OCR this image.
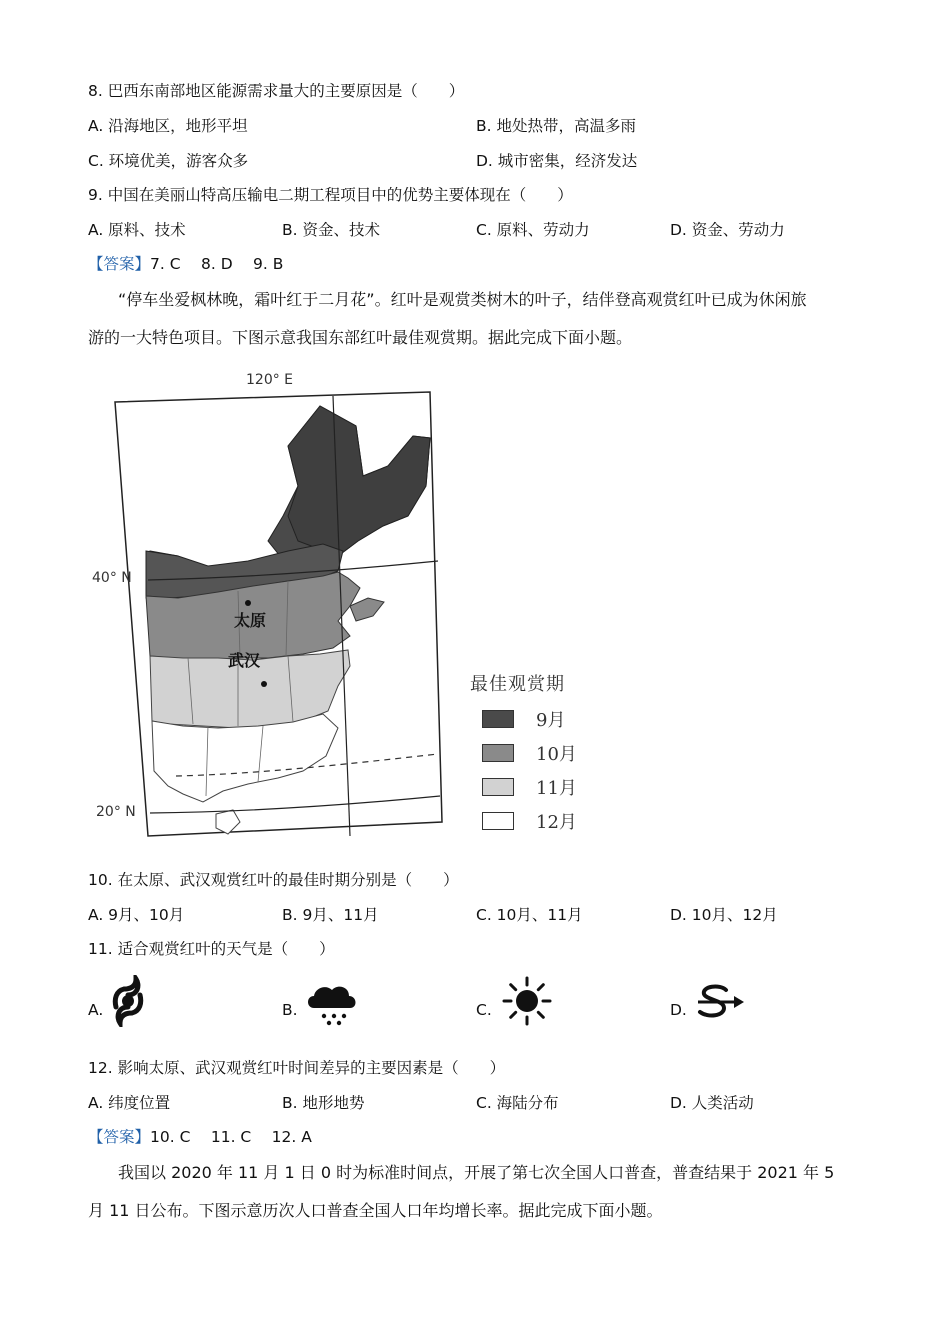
8. 巴西东南部地区能源需求量大的主要原因是（　　）
A. 沿海地区，地形平坦	B. 地处热带，高温多雨
C. 环境优美，游客众多	D. 城市密集，经济发达
9. 中国在美丽山特高压输电二期工程项目中的优势主要体现在（　　）
A. 原料、技术	B. 资金、技术	C. 原料、劳动力	D. 资金、劳动力
【答案】7. C　 8. D　 9. B
“停车坐爱枫林晚，霜叶红于二月花”。红叶是观赏类树木的叶子，结伴登高观赏红叶已成为休闲旅
游的一大特色项目。下图示意我国东部红叶最佳观赏期。据此完成下面小题。
120° E
40° N
20° N
太原
武汉
最佳观赏期
9月
10月
11月
12月
10. 在太原、武汉观赏红叶的最佳时期分别是（　　）
A. 9月、10月	B. 9月、11月	C. 10月、11月	D. 10月、12月
11. 适合观赏红叶的天气是（　　）
A.	B.	C.	D.
12. 影响太原、武汉观赏红叶时间差异的主要因素是（　　）
A. 纬度位置	B. 地形地势	C. 海陆分布	D. 人类活动
【答案】10. C　 11. C　 12. A
我国以 2020 年 11 月 1 日 0 时为标准时间点，开展了第七次全国人口普查，普查结果于 2021 年 5
月 11 日公布。下图示意历次人口普查全国人口年均增长率。据此完成下面小题。
